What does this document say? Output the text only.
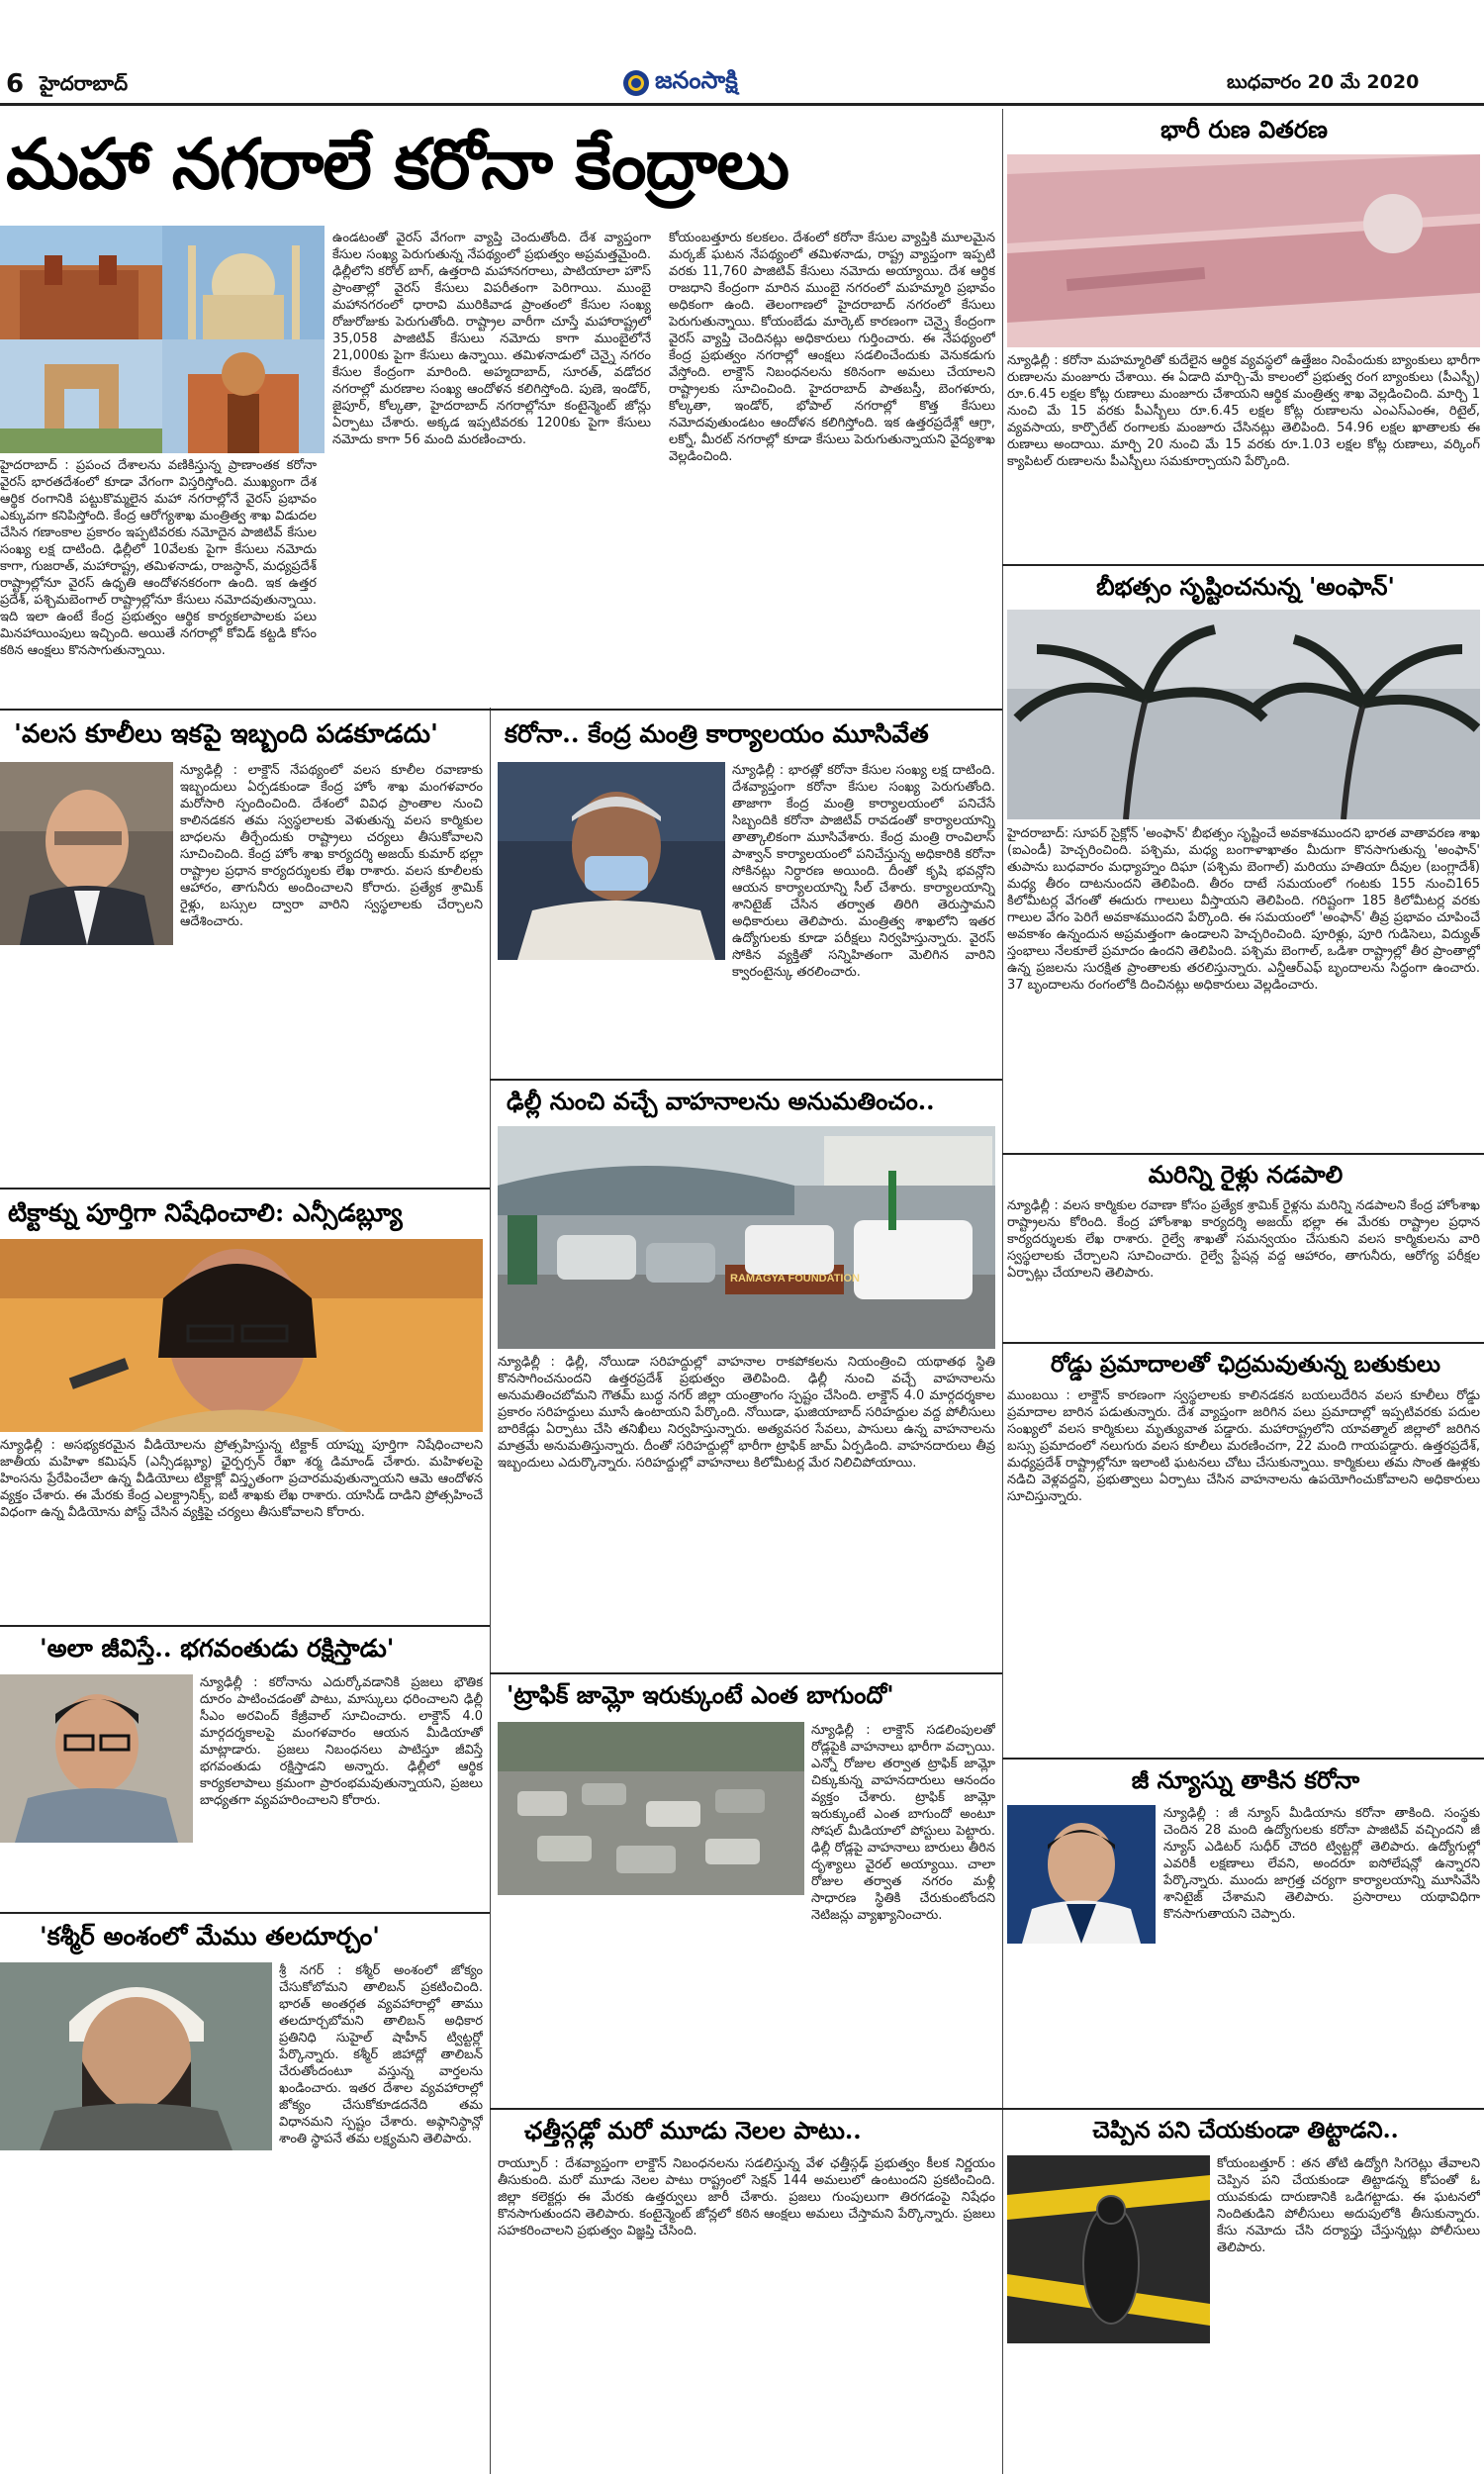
6 హైదరాబాద్	జనంసాక్షి	బుధవారం 20 మే 2020
మహా నగరాలే కరోనా కేంద్రాలు
హైదరాబాద్ : ప్రపంచ దేశాలను వణికిస్తున్న ప్రాణాంతక కరోనా వైరస్ భారతదేశంలో కూడా వేగంగా విస్తరిస్తోంది. ముఖ్యంగా దేశ ఆర్థిక రంగానికి పట్టుకొమ్మలైన మహా నగరాల్లోనే వైరస్ ప్రభావం ఎక్కువగా కనిపిస్తోంది. కేంద్ర ఆరోగ్యశాఖ మంత్రిత్వ శాఖ విడుదల చేసిన గణాంకాల ప్రకారం ఇప్పటివరకు నమోదైన పాజిటివ్ కేసుల సంఖ్య లక్ష దాటింది. ఢిల్లీలో 10వేలకు పైగా కేసులు నమోదు కాగా, గుజరాత్, మహారాష్ట్ర, తమిళనాడు, రాజస్థాన్, మధ్యప్రదేశ్ రాష్ట్రాల్లోనూ వైరస్ ఉధృతి ఆందోళనకరంగా ఉంది. ఇక ఉత్తర ప్రదేశ్, పశ్చిమబెంగాల్ రాష్ట్రాల్లోనూ కేసులు నమోదవుతున్నాయి. ఇది ఇలా ఉంటే కేంద్ర ప్రభుత్వం ఆర్థిక కార్యకలాపాలకు పలు మినహాయింపులు ఇచ్చింది. అయితే నగరాల్లో కోవిడ్ కట్టడి కోసం కఠిన ఆంక్షలు కొనసాగుతున్నాయి.
ఉండటంతో వైరస్ వేగంగా వ్యాప్తి చెందుతోంది. దేశ వ్యాప్తంగా కేసుల సంఖ్య పెరుగుతున్న నేపథ్యంలో ప్రభుత్వం అప్రమత్తమైంది. ఢిల్లీలోని కరోల్ బాగ్, ఉత్తరాది మహానగరాలు, పాటియాలా హౌస్ ప్రాంతాల్లో వైరస్ కేసులు విపరీతంగా పెరిగాయి. ముంబై మహానగరంలో ధారావి మురికివాడ ప్రాంతంలో కేసుల సంఖ్య రోజురోజుకు పెరుగుతోంది. రాష్ట్రాల వారీగా చూస్తే మహారాష్ట్రలో 35,058 పాజిటివ్ కేసులు నమోదు కాగా ముంబైలోనే 21,000కు పైగా కేసులు ఉన్నాయి. తమిళనాడులో చెన్నై నగరం కేసుల కేంద్రంగా మారింది. అహ్మదాబాద్, సూరత్, వడోదర నగరాల్లో మరణాల సంఖ్య ఆందోళన కలిగిస్తోంది. పుణె, ఇండోర్, జైపూర్, కోల్కతా, హైదరాబాద్ నగరాల్లోనూ కంటైన్మెంట్ జోన్లు ఏర్పాటు చేశారు. అక్కడ ఇప్పటివరకు 1200కు పైగా కేసులు నమోదు కాగా 56 మంది మరణించారు.
కోయంబత్తూరు కలకలం. దేశంలో కరోనా కేసుల వ్యాప్తికి మూలమైన మర్కజ్ ఘటన నేపథ్యంలో తమిళనాడు, రాష్ట్ర వ్యాప్తంగా ఇప్పటి వరకు 11,760 పాజిటివ్ కేసులు నమోదు అయ్యాయి. దేశ ఆర్థిక రాజధాని కేంద్రంగా మారిన ముంబై నగరంలో మహమ్మారి ప్రభావం అధికంగా ఉంది. తెలంగాణలో హైదరాబాద్ నగరంలో కేసులు పెరుగుతున్నాయి. కోయంబేడు మార్కెట్ కారణంగా చెన్నై కేంద్రంగా వైరస్ వ్యాప్తి చెందినట్లు అధికారులు గుర్తించారు. ఈ నేపథ్యంలో కేంద్ర ప్రభుత్వం నగరాల్లో ఆంక్షలు సడలించేందుకు వెనుకడుగు వేస్తోంది. లాక్డౌన్ నిబంధనలను కఠినంగా అమలు చేయాలని రాష్ట్రాలకు సూచించింది. హైదరాబాద్ పాతబస్తీ, బెంగళూరు, కోల్కతా, ఇండోర్, భోపాల్ నగరాల్లో కొత్త కేసులు నమోదవుతుండటం ఆందోళన కలిగిస్తోంది. ఇక ఉత్తరప్రదేశ్లో ఆగ్రా, లక్నో, మీరట్ నగరాల్లో కూడా కేసులు పెరుగుతున్నాయని వైద్యశాఖ వెల్లడించింది.
'వలస కూలీలు ఇకపై ఇబ్బంది పడకూడదు'
న్యూఢిల్లీ : లాక్డౌన్ నేపథ్యంలో వలస కూలీల రవాణాకు ఇబ్బందులు ఏర్పడకుండా కేంద్ర హోం శాఖ మంగళవారం మరోసారి స్పందించింది. దేశంలో వివిధ ప్రాంతాల నుంచి కాలినడకన తమ స్వస్థలాలకు వెళుతున్న వలస కార్మికుల బాధలను తీర్చేందుకు రాష్ట్రాలు చర్యలు తీసుకోవాలని సూచించింది. కేంద్ర హోం శాఖ కార్యదర్శి అజయ్ కుమార్ భల్లా రాష్ట్రాల ప్రధాన కార్యదర్శులకు లేఖ రాశారు. వలస కూలీలకు ఆహారం, తాగునీరు అందించాలని కోరారు. ప్రత్యేక శ్రామిక్ రైళ్లు, బస్సుల ద్వారా వారిని స్వస్థలాలకు చేర్చాలని ఆదేశించారు.
టిక్టాక్ను పూర్తిగా నిషేధించాలి: ఎన్సీడబ్ల్యూ
న్యూఢిల్లీ : అసభ్యకరమైన వీడియోలను ప్రోత్సహిస్తున్న టిక్టాక్ యాప్ను పూర్తిగా నిషేధించాలని జాతీయ మహిళా కమిషన్ (ఎన్సీడబ్ల్యూ) ఛైర్పర్సన్ రేఖా శర్మ డిమాండ్ చేశారు. మహిళలపై హింసను ప్రేరేపించేలా ఉన్న వీడియోలు టిక్టాక్లో విస్తృతంగా ప్రచారమవుతున్నాయని ఆమె ఆందోళన వ్యక్తం చేశారు. ఈ మేరకు కేంద్ర ఎలక్ట్రానిక్స్, ఐటీ శాఖకు లేఖ రాశారు. యాసిడ్ దాడిని ప్రోత్సహించే విధంగా ఉన్న వీడియోను పోస్ట్ చేసిన వ్యక్తిపై చర్యలు తీసుకోవాలని కోరారు.
'అలా జీవిస్తే.. భగవంతుడు రక్షిస్తాడు'
న్యూఢిల్లీ : కరోనాను ఎదుర్కోవడానికి ప్రజలు భౌతిక దూరం పాటించడంతో పాటు, మాస్కులు ధరించాలని ఢిల్లీ సీఎం అరవింద్ కేజ్రీవాల్ సూచించారు. లాక్డౌన్ 4.0 మార్గదర్శకాలపై మంగళవారం ఆయన మీడియాతో మాట్లాడారు. ప్రజలు నిబంధనలు పాటిస్తూ జీవిస్తే భగవంతుడు రక్షిస్తాడని అన్నారు. ఢిల్లీలో ఆర్థిక కార్యకలాపాలు క్రమంగా ప్రారంభమవుతున్నాయని, ప్రజలు బాధ్యతగా వ్యవహరించాలని కోరారు.
'కశ్మీర్ అంశంలో మేము తలదూర్చం'
శ్రీ నగర్ : కశ్మీర్ అంశంలో జోక్యం చేసుకోబోమని తాలిబన్ ప్రకటించింది. భారత్ అంతర్గత వ్యవహారాల్లో తాము తలదూర్చబోమని తాలిబన్ అధికార ప్రతినిధి సుహైల్ షాహీన్ ట్విట్టర్లో పేర్కొన్నారు. కశ్మీర్ జిహాద్లో తాలిబన్ చేరుతోందంటూ వస్తున్న వార్తలను ఖండించారు. ఇతర దేశాల వ్యవహారాల్లో జోక్యం చేసుకోకూడదనేది తమ విధానమని స్పష్టం చేశారు. అఫ్గానిస్థాన్లో శాంతి స్థాపనే తమ లక్ష్యమని తెలిపారు.
కరోనా.. కేంద్ర మంత్రి కార్యాలయం మూసివేత
న్యూఢిల్లీ : భారత్లో కరోనా కేసుల సంఖ్య లక్ష దాటింది. దేశవ్యాప్తంగా కరోనా కేసుల సంఖ్య పెరుగుతోంది. తాజాగా కేంద్ర మంత్రి కార్యాలయంలో పనిచేసే సిబ్బందికి కరోనా పాజిటివ్ రావడంతో కార్యాలయాన్ని తాత్కాలికంగా మూసివేశారు. కేంద్ర మంత్రి రాంవిలాస్ పాశ్వాన్ కార్యాలయంలో పనిచేస్తున్న అధికారికి కరోనా సోకినట్లు నిర్ధారణ అయింది. దీంతో కృషి భవన్లోని ఆయన కార్యాలయాన్ని సీల్ చేశారు. కార్యాలయాన్ని శానిటైజ్ చేసిన తర్వాత తిరిగి తెరుస్తామని అధికారులు తెలిపారు. మంత్రిత్వ శాఖలోని ఇతర ఉద్యోగులకు కూడా పరీక్షలు నిర్వహిస్తున్నారు. వైరస్ సోకిన వ్యక్తితో సన్నిహితంగా మెలిగిన వారిని క్వారంటైన్కు తరలించారు.
ఢిల్లీ నుంచి వచ్చే వాహనాలను అనుమతించం..
RAMAGYA FOUNDATION
న్యూఢిల్లీ : ఢిల్లీ, నోయిడా సరిహద్దుల్లో వాహనాల రాకపోకలను నియంత్రించి యథాతథ స్థితి కొనసాగించనుందని ఉత్తరప్రదేశ్ ప్రభుత్వం తెలిపింది. ఢిల్లీ నుంచి వచ్చే వాహనాలను అనుమతించబోమని గౌతమ్ బుద్ధ నగర్ జిల్లా యంత్రాంగం స్పష్టం చేసింది. లాక్డౌన్ 4.0 మార్గదర్శకాల ప్రకారం సరిహద్దులు మూసే ఉంటాయని పేర్కొంది. నోయిడా, ఘజియాబాద్ సరిహద్దుల వద్ద పోలీసులు బారికేడ్లు ఏర్పాటు చేసి తనిఖీలు నిర్వహిస్తున్నారు. అత్యవసర సేవలు, పాసులు ఉన్న వాహనాలను మాత్రమే అనుమతిస్తున్నారు. దీంతో సరిహద్దుల్లో భారీగా ట్రాఫిక్ జామ్ ఏర్పడింది. వాహనదారులు తీవ్ర ఇబ్బందులు ఎదుర్కొన్నారు. సరిహద్దుల్లో వాహనాలు కిలోమీటర్ల మేర నిలిచిపోయాయి.
'ట్రాఫిక్ జామ్లో ఇరుక్కుంటే ఎంత బాగుందో'
న్యూఢిల్లీ : లాక్డౌన్ సడలింపులతో రోడ్లపైకి వాహనాలు భారీగా వచ్చాయి. ఎన్నో రోజుల తర్వాత ట్రాఫిక్ జామ్లో చిక్కుకున్న వాహనదారులు ఆనందం వ్యక్తం చేశారు. ట్రాఫిక్ జామ్లో ఇరుక్కుంటే ఎంత బాగుందో అంటూ సోషల్ మీడియాలో పోస్టులు పెట్టారు. ఢిల్లీ రోడ్లపై వాహనాలు బారులు తీరిన దృశ్యాలు వైరల్ అయ్యాయి. చాలా రోజుల తర్వాత నగరం మళ్లీ సాధారణ స్థితికి చేరుకుంటోందని నెటిజన్లు వ్యాఖ్యానించారు.
ఛత్తీస్గఢ్లో మరో మూడు నెలల పాటు..
రాయ్పూర్ : దేశవ్యాప్తంగా లాక్డౌన్ నిబంధనలను సడలిస్తున్న వేళ ఛత్తీస్గఢ్ ప్రభుత్వం కీలక నిర్ణయం తీసుకుంది. మరో మూడు నెలల పాటు రాష్ట్రంలో సెక్షన్ 144 అమలులో ఉంటుందని ప్రకటించింది. జిల్లా కలెక్టర్లు ఈ మేరకు ఉత్తర్వులు జారీ చేశారు. ప్రజలు గుంపులుగా తిరగడంపై నిషేధం కొనసాగుతుందని తెలిపారు. కంటైన్మెంట్ జోన్లలో కఠిన ఆంక్షలు అమలు చేస్తామని పేర్కొన్నారు. ప్రజలు సహకరించాలని ప్రభుత్వం విజ్ఞప్తి చేసింది.
భారీ రుణ వితరణ
న్యూఢిల్లీ : కరోనా మహమ్మారితో కుదేలైన ఆర్థిక వ్యవస్థలో ఉత్తేజం నింపేందుకు బ్యాంకులు భారీగా రుణాలను మంజూరు చేశాయి. ఈ ఏడాది మార్చి-మే కాలంలో ప్రభుత్వ రంగ బ్యాంకులు (పీఎస్బీ) రూ.6.45 లక్షల కోట్ల రుణాలు మంజూరు చేశాయని ఆర్థిక మంత్రిత్వ శాఖ వెల్లడించింది. మార్చి 1 నుంచి మే 15 వరకు పీఎస్బీలు రూ.6.45 లక్షల కోట్ల రుణాలను ఎంఎస్ఎంఈ, రిటైల్, వ్యవసాయ, కార్పొరేట్ రంగాలకు మంజూరు చేసినట్లు తెలిపింది. 54.96 లక్షల ఖాతాలకు ఈ రుణాలు అందాయి. మార్చి 20 నుంచి మే 15 వరకు రూ.1.03 లక్షల కోట్ల రుణాలు, వర్కింగ్ క్యాపిటల్ రుణాలను పీఎస్బీలు సమకూర్చాయని పేర్కొంది.
బీభత్సం సృష్టించనున్న 'అంఫాన్'
హైదరాబాద్: సూపర్ సైక్లోన్ 'అంఫాన్' బీభత్సం సృష్టించే అవకాశముందని భారత వాతావరణ శాఖ (ఐఎండీ) హెచ్చరించింది. పశ్చిమ, మధ్య బంగాళాఖాతం మీదుగా కొనసాగుతున్న 'అంఫాన్' తుపాను బుధవారం మధ్యాహ్నం దిఘా (పశ్చిమ బెంగాల్) మరియు హతియా దీవుల (బంగ్లాదేశ్) మధ్య తీరం దాటనుందని తెలిపింది. తీరం దాటే సమయంలో గంటకు 155 నుంచి165 కిలోమీటర్ల వేగంతో ఈదురు గాలులు వీస్తాయని తెలిపింది. గరిష్టంగా 185 కిలోమీటర్ల వరకు గాలుల వేగం పెరిగే అవకాశముందని పేర్కొంది. ఈ సమయంలో 'అంఫాన్' తీవ్ర ప్రభావం చూపించే అవకాశం ఉన్నందున అప్రమత్తంగా ఉండాలని హెచ్చరించింది. పూరిళ్లు, పూరి గుడిసెలు, విద్యుత్ స్తంభాలు నేలకూలే ప్రమాదం ఉందని తెలిపింది. పశ్చిమ బెంగాల్, ఒడిశా రాష్ట్రాల్లో తీర ప్రాంతాల్లో ఉన్న ప్రజలను సురక్షిత ప్రాంతాలకు తరలిస్తున్నారు. ఎన్డీఆర్ఎఫ్ బృందాలను సిద్ధంగా ఉంచారు. 37 బృందాలను రంగంలోకి దించినట్లు అధికారులు వెల్లడించారు.
మరిన్ని రైళ్లు నడపాలి
న్యూఢిల్లీ : వలస కార్మికుల రవాణా కోసం ప్రత్యేక శ్రామిక్ రైళ్లను మరిన్ని నడపాలని కేంద్ర హోంశాఖ రాష్ట్రాలను కోరింది. కేంద్ర హోంశాఖ కార్యదర్శి అజయ్ భల్లా ఈ మేరకు రాష్ట్రాల ప్రధాన కార్యదర్శులకు లేఖ రాశారు. రైల్వే శాఖతో సమన్వయం చేసుకుని వలస కార్మికులను వారి స్వస్థలాలకు చేర్చాలని సూచించారు. రైల్వే స్టేషన్ల వద్ద ఆహారం, తాగునీరు, ఆరోగ్య పరీక్షల ఏర్పాట్లు చేయాలని తెలిపారు.
రోడ్డు ప్రమాదాలతో ఛిద్రమవుతున్న బతుకులు
ముంబయి : లాక్డౌన్ కారణంగా స్వస్థలాలకు కాలినడకన బయలుదేరిన వలస కూలీలు రోడ్డు ప్రమాదాల బారిన పడుతున్నారు. దేశ వ్యాప్తంగా జరిగిన పలు ప్రమాదాల్లో ఇప్పటివరకు పదుల సంఖ్యలో వలస కార్మికులు మృత్యువాత పడ్డారు. మహారాష్ట్రలోని యావత్మాల్ జిల్లాలో జరిగిన బస్సు ప్రమాదంలో నలుగురు వలస కూలీలు మరణించగా, 22 మంది గాయపడ్డారు. ఉత్తరప్రదేశ్, మధ్యప్రదేశ్ రాష్ట్రాల్లోనూ ఇలాంటి ఘటనలు చోటు చేసుకున్నాయి. కార్మికులు తమ సొంత ఊళ్లకు నడిచి వెళ్లవద్దని, ప్రభుత్వాలు ఏర్పాటు చేసిన వాహనాలను ఉపయోగించుకోవాలని అధికారులు సూచిస్తున్నారు.
జీ న్యూస్ను తాకిన కరోనా
న్యూఢిల్లీ : జీ న్యూస్ మీడియాను కరోనా తాకింది. సంస్థకు చెందిన 28 మంది ఉద్యోగులకు కరోనా పాజిటివ్ వచ్చిందని జీ న్యూస్ ఎడిటర్ సుధీర్ చౌదరి ట్విట్టర్లో తెలిపారు. ఉద్యోగుల్లో ఎవరికీ లక్షణాలు లేవని, అందరూ ఐసోలేషన్లో ఉన్నారని పేర్కొన్నారు. ముందు జాగ్రత్త చర్యగా కార్యాలయాన్ని మూసివేసి శానిటైజ్ చేశామని తెలిపారు. ప్రసారాలు యథావిధిగా కొనసాగుతాయని చెప్పారు.
చెప్పిన పని చేయకుండా తిట్టాడని..
కోయంబత్తూర్ : తన తోటి ఉద్యోగి సిగరెట్లు తేవాలని చెప్పిన పని చేయకుండా తిట్టాడన్న కోపంతో ఓ యువకుడు దారుణానికి ఒడిగట్టాడు. ఈ ఘటనలో నిందితుడిని పోలీసులు అదుపులోకి తీసుకున్నారు. కేసు నమోదు చేసి దర్యాప్తు చేస్తున్నట్లు పోలీసులు తెలిపారు.
